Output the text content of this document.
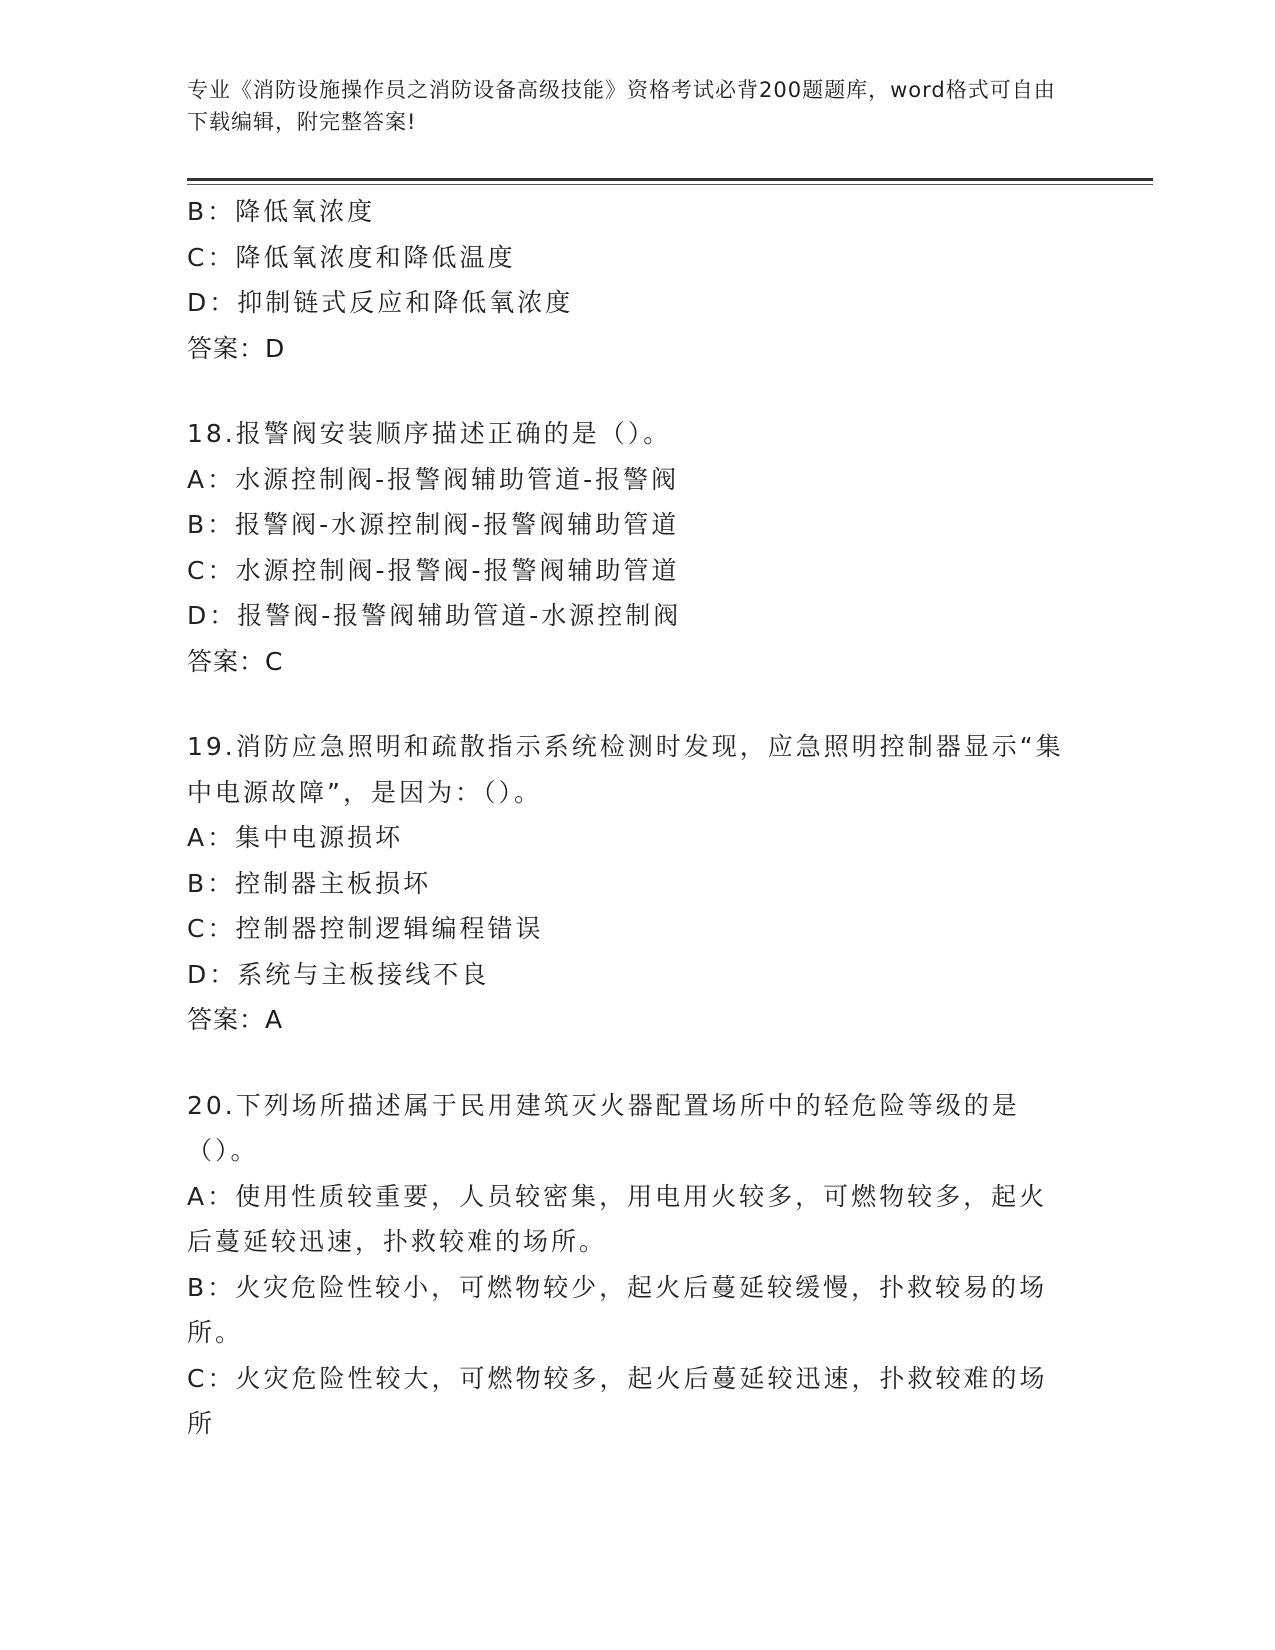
专业《消防设施操作员之消防设备高级技能》资格考试必背200题题库，word格式可自由下载编辑，附完整答案!
B：降低氧浓度
C：降低氧浓度和降低温度
D：抑制链式反应和降低氧浓度
答案：D
18.报警阀安装顺序描述正确的是（）。
A：水源控制阀-报警阀辅助管道-报警阀
B：报警阀-水源控制阀-报警阀辅助管道
C：水源控制阀-报警阀-报警阀辅助管道
D：报警阀-报警阀辅助管道-水源控制阀
答案：C
19.消防应急照明和疏散指示系统检测时发现，应急照明控制器显示“集中电源故障”，是因为：（）。
A：集中电源损坏
B：控制器主板损坏
C：控制器控制逻辑编程错误
D：系统与主板接线不良
答案：A
20.下列场所描述属于民用建筑灭火器配置场所中的轻危险等级的是（）。
A：使用性质较重要，人员较密集，用电用火较多，可燃物较多，起火后蔓延较迅速，扑救较难的场所。
B：火灾危险性较小，可燃物较少，起火后蔓延较缓慢，扑救较易的场所。
C：火灾危险性较大，可燃物较多，起火后蔓延较迅速，扑救较难的场所
